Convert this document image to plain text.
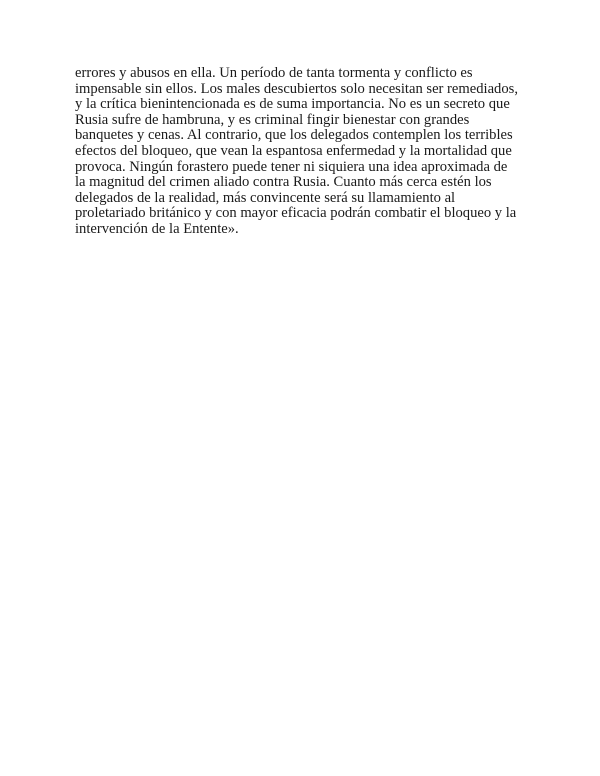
errores y abusos en ella. Un período de tanta tormenta y conflicto es
impensable sin ellos. Los males descubiertos solo necesitan ser remediados,
y la crítica bienintencionada es de suma importancia. No es un secreto que
Rusia sufre de hambruna, y es criminal fingir bienestar con grandes
banquetes y cenas. Al contrario, que los delegados contemplen los terribles
efectos del bloqueo, que vean la espantosa enfermedad y la mortalidad que
provoca. Ningún forastero puede tener ni siquiera una idea aproximada de
la magnitud del crimen aliado contra Rusia. Cuanto más cerca estén los
delegados de la realidad, más convincente será su llamamiento al
proletariado británico y con mayor eficacia podrán combatir el bloqueo y la
intervención de la Entente».
